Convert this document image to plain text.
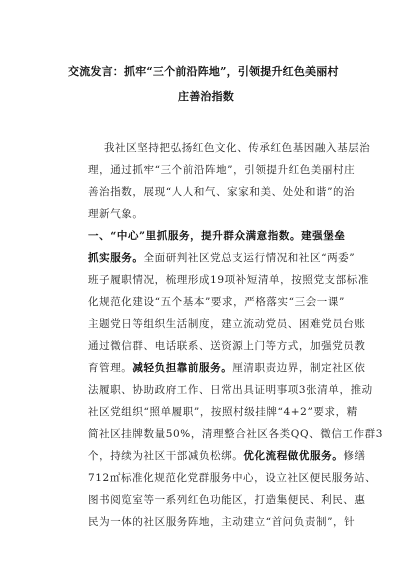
交流发言：抓牢“三个前沿阵地”，引领提升红色美丽村
庄善治指数
我社区坚持把弘扬红色文化、传承红色基因融入基层治
理，通过抓牢“三个前沿阵地”，引领提升红色美丽村庄
善治指数，展现“人人和气、家家和美、处处和谐”的治
理新气象。
一、“中心”里抓服务，提升群众满意指数。建强堡垒
抓实服务。全面研判社区党总支运行情况和社区“两委”
班子履职情况，梳理形成19项补短清单，按照党支部标准
化规范化建设“五个基本”要求，严格落实“三会一课”
主题党日等组织生活制度，建立流动党员、困难党员台账
通过微信群、电话联系、送资源上门等方式，加强党员教
育管理。减轻负担靠前服务。厘清职责边界，制定社区依
法履职、协助政府工作、日常出具证明事项3张清单，推动
社区党组织“照单履职”，按照村级挂牌“4+2”要求，精
简社区挂牌数量50%，清理整合社区各类QQ、微信工作群3
个，持续为社区干部减负松绑。优化流程做优服务。修缮
712㎡标准化规范化党群服务中心，设立社区便民服务站、
图书阅览室等一系列红色功能区，打造集便民、利民、惠
民为一体的社区服务阵地，主动建立“首问负责制”，针
